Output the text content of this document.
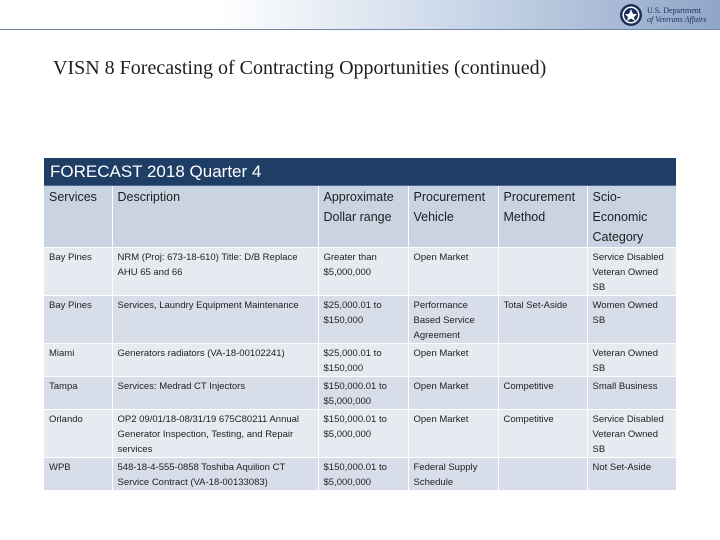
U.S. Department
of Veterans Affairs
VISN 8 Forecasting of Contracting Opportunities (continued)
FORECAST 2018 Quarter 4
Services	Description	Approximate Dollar range	Procurement Vehicle	Procurement Method	Scio-Economic Category
Bay Pines	NRM (Proj: 673-18-610) Title: D/B Replace AHU 65 and 66	Greater than $5,000,000	Open Market		Service Disabled Veteran Owned SB
Bay Pines	Services, Laundry Equipment Maintenance	$25,000.01 to $150,000	Performance Based Service Agreement	Total Set-Aside	Women Owned SB
Miami	Generators radiators (VA-18-00102241)	$25,000.01 to $150,000	Open Market		Veteran Owned SB
Tampa	Services: Medrad CT Injectors	$150,000.01 to $5,000,000	Open Market	Competitive	Small Business
Orlando	OP2 09/01/18-08/31/19 675C80211 Annual Generator Inspection, Testing, and Repair services	$150,000.01 to $5,000,000	Open Market	Competitive	Service Disabled Veteran Owned SB
WPB	548-18-4-555-0858 Toshiba Aquilion CT Service Contract (VA-18-00133083)	$150,000.01 to $5,000,000	Federal Supply Schedule		Not Set-Aside
